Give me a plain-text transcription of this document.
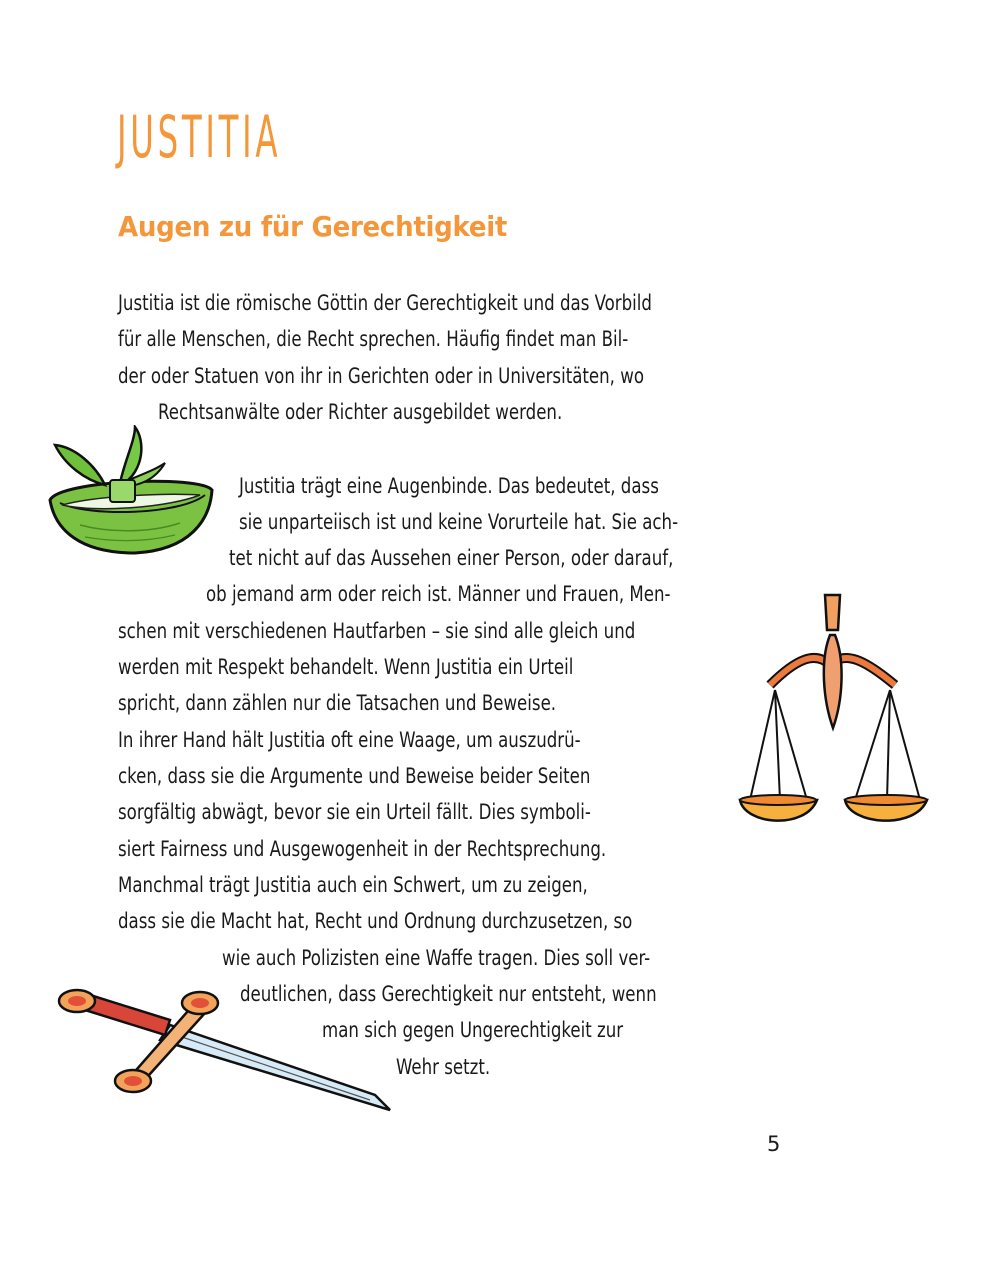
JUSTITIA
Augen zu für Gerechtigkeit
Justitia ist die römische Göttin der Gerechtigkeit und das Vorbild
für alle Menschen, die Recht sprechen. Häufig findet man Bil-
der oder Statuen von ihr in Gerichten oder in Universitäten, wo
Rechtsanwälte oder Richter ausgebildet werden.
Justitia trägt eine Augenbinde. Das bedeutet, dass
sie unparteiisch ist und keine Vorurteile hat. Sie ach-
tet nicht auf das Aussehen einer Person, oder darauf,
ob jemand arm oder reich ist. Männer und Frauen, Men-
schen mit verschiedenen Hautfarben – sie sind alle gleich und
werden mit Respekt behandelt. Wenn Justitia ein Urteil
spricht, dann zählen nur die Tatsachen und Beweise.
In ihrer Hand hält Justitia oft eine Waage, um auszudrü-
cken, dass sie die Argumente und Beweise beider Seiten
sorgfältig abwägt, bevor sie ein Urteil fällt. Dies symboli-
siert Fairness und Ausgewogenheit in der Rechtsprechung.
Manchmal trägt Justitia auch ein Schwert, um zu zeigen,
dass sie die Macht hat, Recht und Ordnung durchzusetzen, so
wie auch Polizisten eine Waffe tragen. Dies soll ver-
deutlichen, dass Gerechtigkeit nur entsteht, wenn
man sich gegen Ungerechtigkeit zur
Wehr setzt.
5
